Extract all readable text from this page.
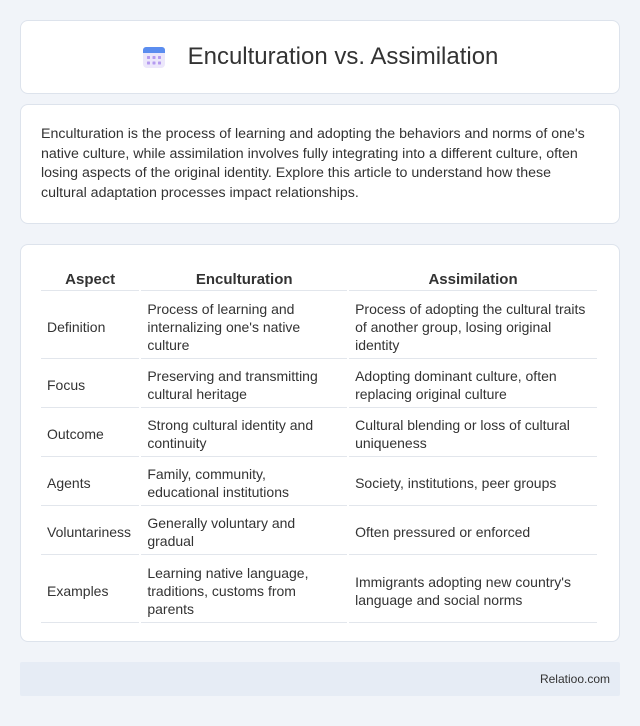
Enculturation vs. Assimilation

Enculturation is the process of learning and adopting the behaviors and norms of one's native culture, while assimilation involves fully integrating into a different culture, often losing aspects of the original identity. Explore this article to understand how these cultural adaptation processes impact relationships.

Aspect	Enculturation	Assimilation
Definition	Process of learning and internalizing one's native culture	Process of adopting the cultural traits of another group, losing original identity
Focus	Preserving and transmitting cultural heritage	Adopting dominant culture, often replacing original culture
Outcome	Strong cultural identity and continuity	Cultural blending or loss of cultural uniqueness
Agents	Family, community, educational institutions	Society, institutions, peer groups
Voluntariness	Generally voluntary and gradual	Often pressured or enforced
Examples	Learning native language, traditions, customs from parents	Immigrants adopting new country's language and social norms
Relatioo.com
